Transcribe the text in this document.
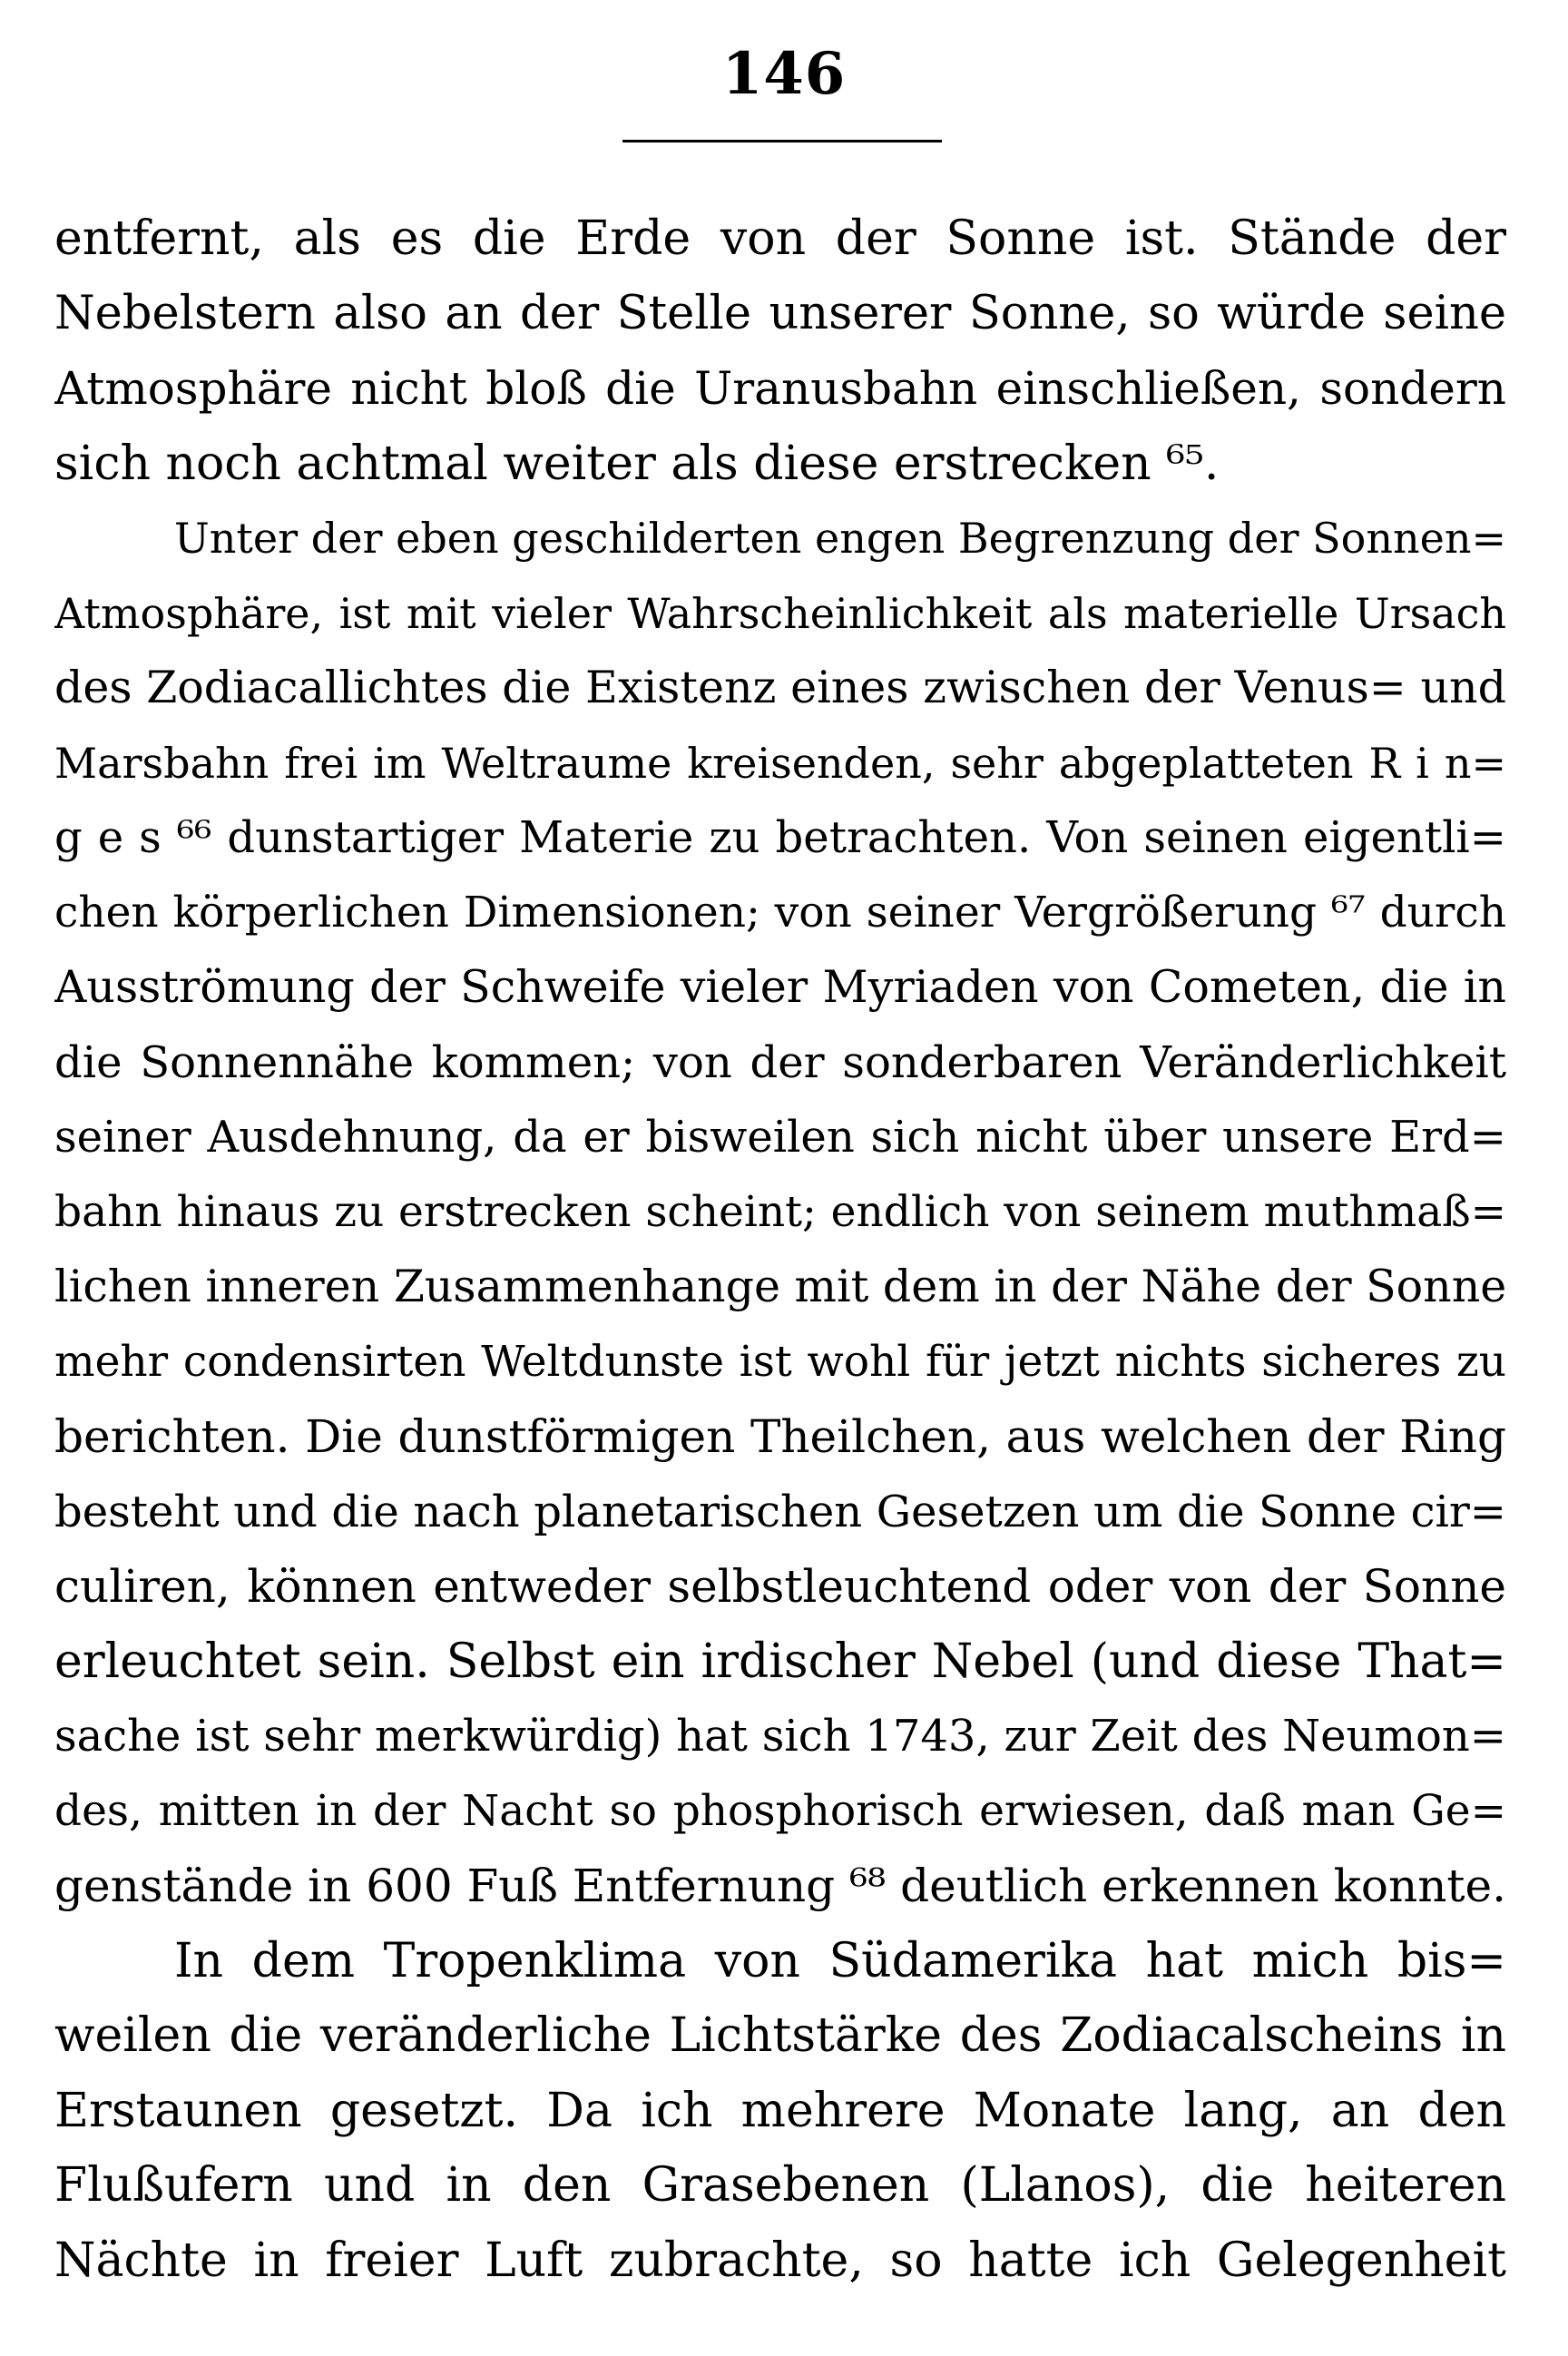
146
entfernt, als es die Erde von der Sonne ist. Stände der
Nebelstern also an der Stelle unserer Sonne, so würde seine
Atmosphäre nicht bloß die Uranusbahn einschließen, sondern
sich noch achtmal weiter als diese erstrecken ⁶⁵.
Unter der eben geschilderten engen Begrenzung der Sonnen=
Atmosphäre, ist mit vieler Wahrscheinlichkeit als materielle Ursach
des Zodiacallichtes die Existenz eines zwischen der Venus= und
Marsbahn frei im Weltraume kreisenden, sehr abgeplatteten R i n=
g e s ⁶⁶ dunstartiger Materie zu betrachten. Von seinen eigentli=
chen körperlichen Dimensionen; von seiner Vergrößerung ⁶⁷ durch
Ausströmung der Schweife vieler Myriaden von Cometen, die in
die Sonnennähe kommen; von der sonderbaren Veränderlichkeit
seiner Ausdehnung, da er bisweilen sich nicht über unsere Erd=
bahn hinaus zu erstrecken scheint; endlich von seinem muthmaß=
lichen inneren Zusammenhange mit dem in der Nähe der Sonne
mehr condensirten Weltdunste ist wohl für jetzt nichts sicheres zu
berichten. Die dunstförmigen Theilchen, aus welchen der Ring
besteht und die nach planetarischen Gesetzen um die Sonne cir=
culiren, können entweder selbstleuchtend oder von der Sonne
erleuchtet sein. Selbst ein irdischer Nebel (und diese That=
sache ist sehr merkwürdig) hat sich 1743, zur Zeit des Neumon=
des, mitten in der Nacht so phosphorisch erwiesen, daß man Ge=
genstände in 600 Fuß Entfernung ⁶⁸ deutlich erkennen konnte.
In dem Tropenklima von Südamerika hat mich bis=
weilen die veränderliche Lichtstärke des Zodiacalscheins in
Erstaunen gesetzt. Da ich mehrere Monate lang, an den
Flußufern und in den Grasebenen (Llanos), die heiteren
Nächte in freier Luft zubrachte, so hatte ich Gelegenheit
